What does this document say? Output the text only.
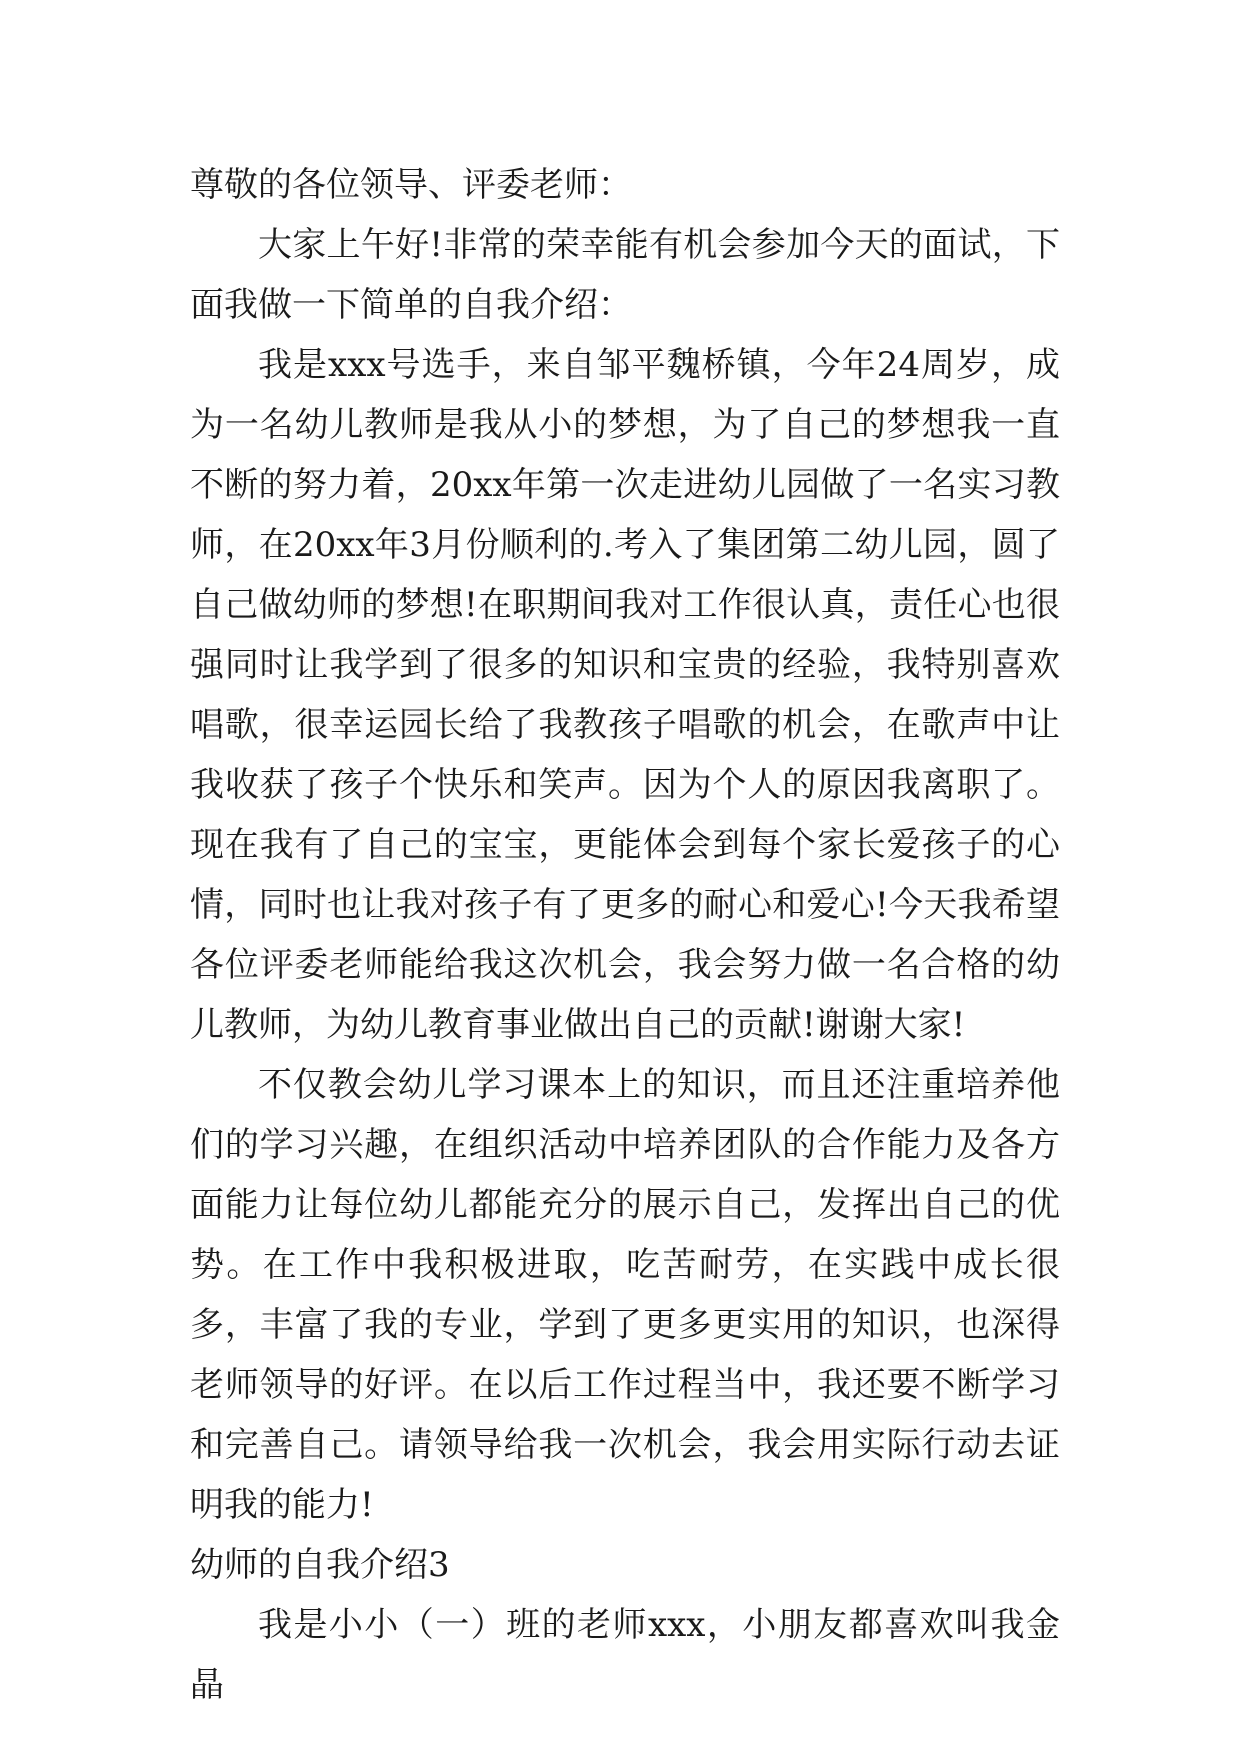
尊敬的各位领导、评委老师：

大家上午好!非常的荣幸能有机会参加今天的面试，下面我做一下简单的自我介绍：

我是xxx号选手，来自邹平魏桥镇，今年24周岁，成为一名幼儿教师是我从小的梦想，为了自己的梦想我一直不断的努力着，20xx年第一次走进幼儿园做了一名实习教师，在20xx年3月份顺利的.考入了集团第二幼儿园，圆了自己做幼师的梦想!在职期间我对工作很认真，责任心也很强同时让我学到了很多的知识和宝贵的经验，我特别喜欢唱歌，很幸运园长给了我教孩子唱歌的机会，在歌声中让我收获了孩子个快乐和笑声。因为个人的原因我离职了。现在我有了自己的宝宝，更能体会到每个家长爱孩子的心情，同时也让我对孩子有了更多的耐心和爱心!今天我希望各位评委老师能给我这次机会，我会努力做一名合格的幼儿教师，为幼儿教育事业做出自己的贡献!谢谢大家!

不仅教会幼儿学习课本上的知识，而且还注重培养他们的学习兴趣，在组织活动中培养团队的合作能力及各方面能力让每位幼儿都能充分的展示自己，发挥出自己的优势。在工作中我积极进取，吃苦耐劳，在实践中成长很多，丰富了我的专业，学到了更多更实用的知识，也深得老师领导的好评。在以后工作过程当中，我还要不断学习和完善自己。请领导给我一次机会，我会用实际行动去证明我的能力!

幼师的自我介绍3

我是小小（一）班的老师xxx，小朋友都喜欢叫我金晶
